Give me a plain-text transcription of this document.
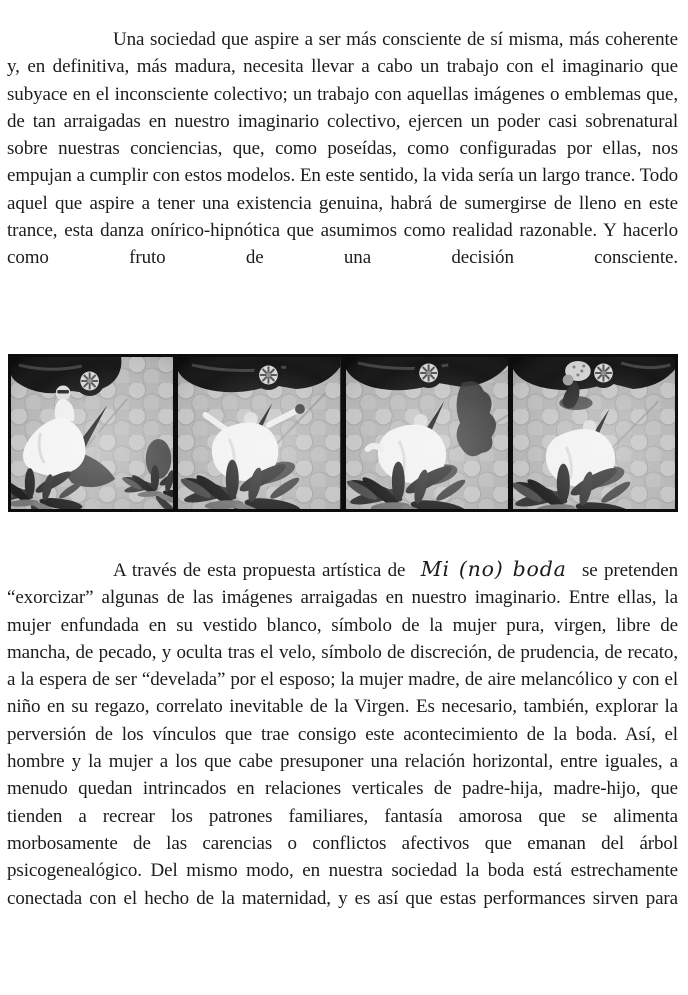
Una sociedad que aspire a ser más consciente de sí misma, más coherente y, en definitiva, más madura, necesita llevar a cabo un trabajo con el imaginario que subyace en el inconsciente colectivo; un trabajo con aquellas imágenes o emblemas que, de tan arraigadas en nuestro imaginario colectivo, ejercen un poder casi sobrenatural sobre nuestras conciencias, que, como poseídas, como configuradas por ellas, nos empujan a cumplir con estos modelos. En este sentido, la vida sería un largo trance. Todo aquel que aspire a tener una existencia genuina, habrá de sumergirse de lleno en este trance, esta danza onírico-hipnótica que asumimos como realidad razonable. Y hacerlo como fruto de una decisión consciente.

A través de esta propuesta artística de Mi (no) boda se pretenden “exorcizar” algunas de las imágenes arraigadas en nuestro imaginario. Entre ellas, la mujer enfundada en su vestido blanco, símbolo de la mujer pura, virgen, libre de mancha, de pecado, y oculta tras el velo, símbolo de discreción, de prudencia, de recato, a la espera de ser “develada” por el esposo; la mujer madre, de aire melancólico y con el niño en su regazo, correlato inevitable de la Virgen. Es necesario, también, explorar la perversión de los vínculos que trae consigo este acontecimiento de la boda. Así, el hombre y la mujer a los que cabe presuponer una relación horizontal, entre iguales, a menudo quedan intrincados en relaciones verticales de padre-hija, madre-hijo, que tienden a recrear los patrones familiares, fantasía amorosa que se alimenta morbosamente de las carencias o conflictos afectivos que emanan del árbol psicogenealógico. Del mismo modo, en nuestra sociedad la boda está estrechamente conectada con el hecho de la maternidad, y es así que estas performances sirven para
